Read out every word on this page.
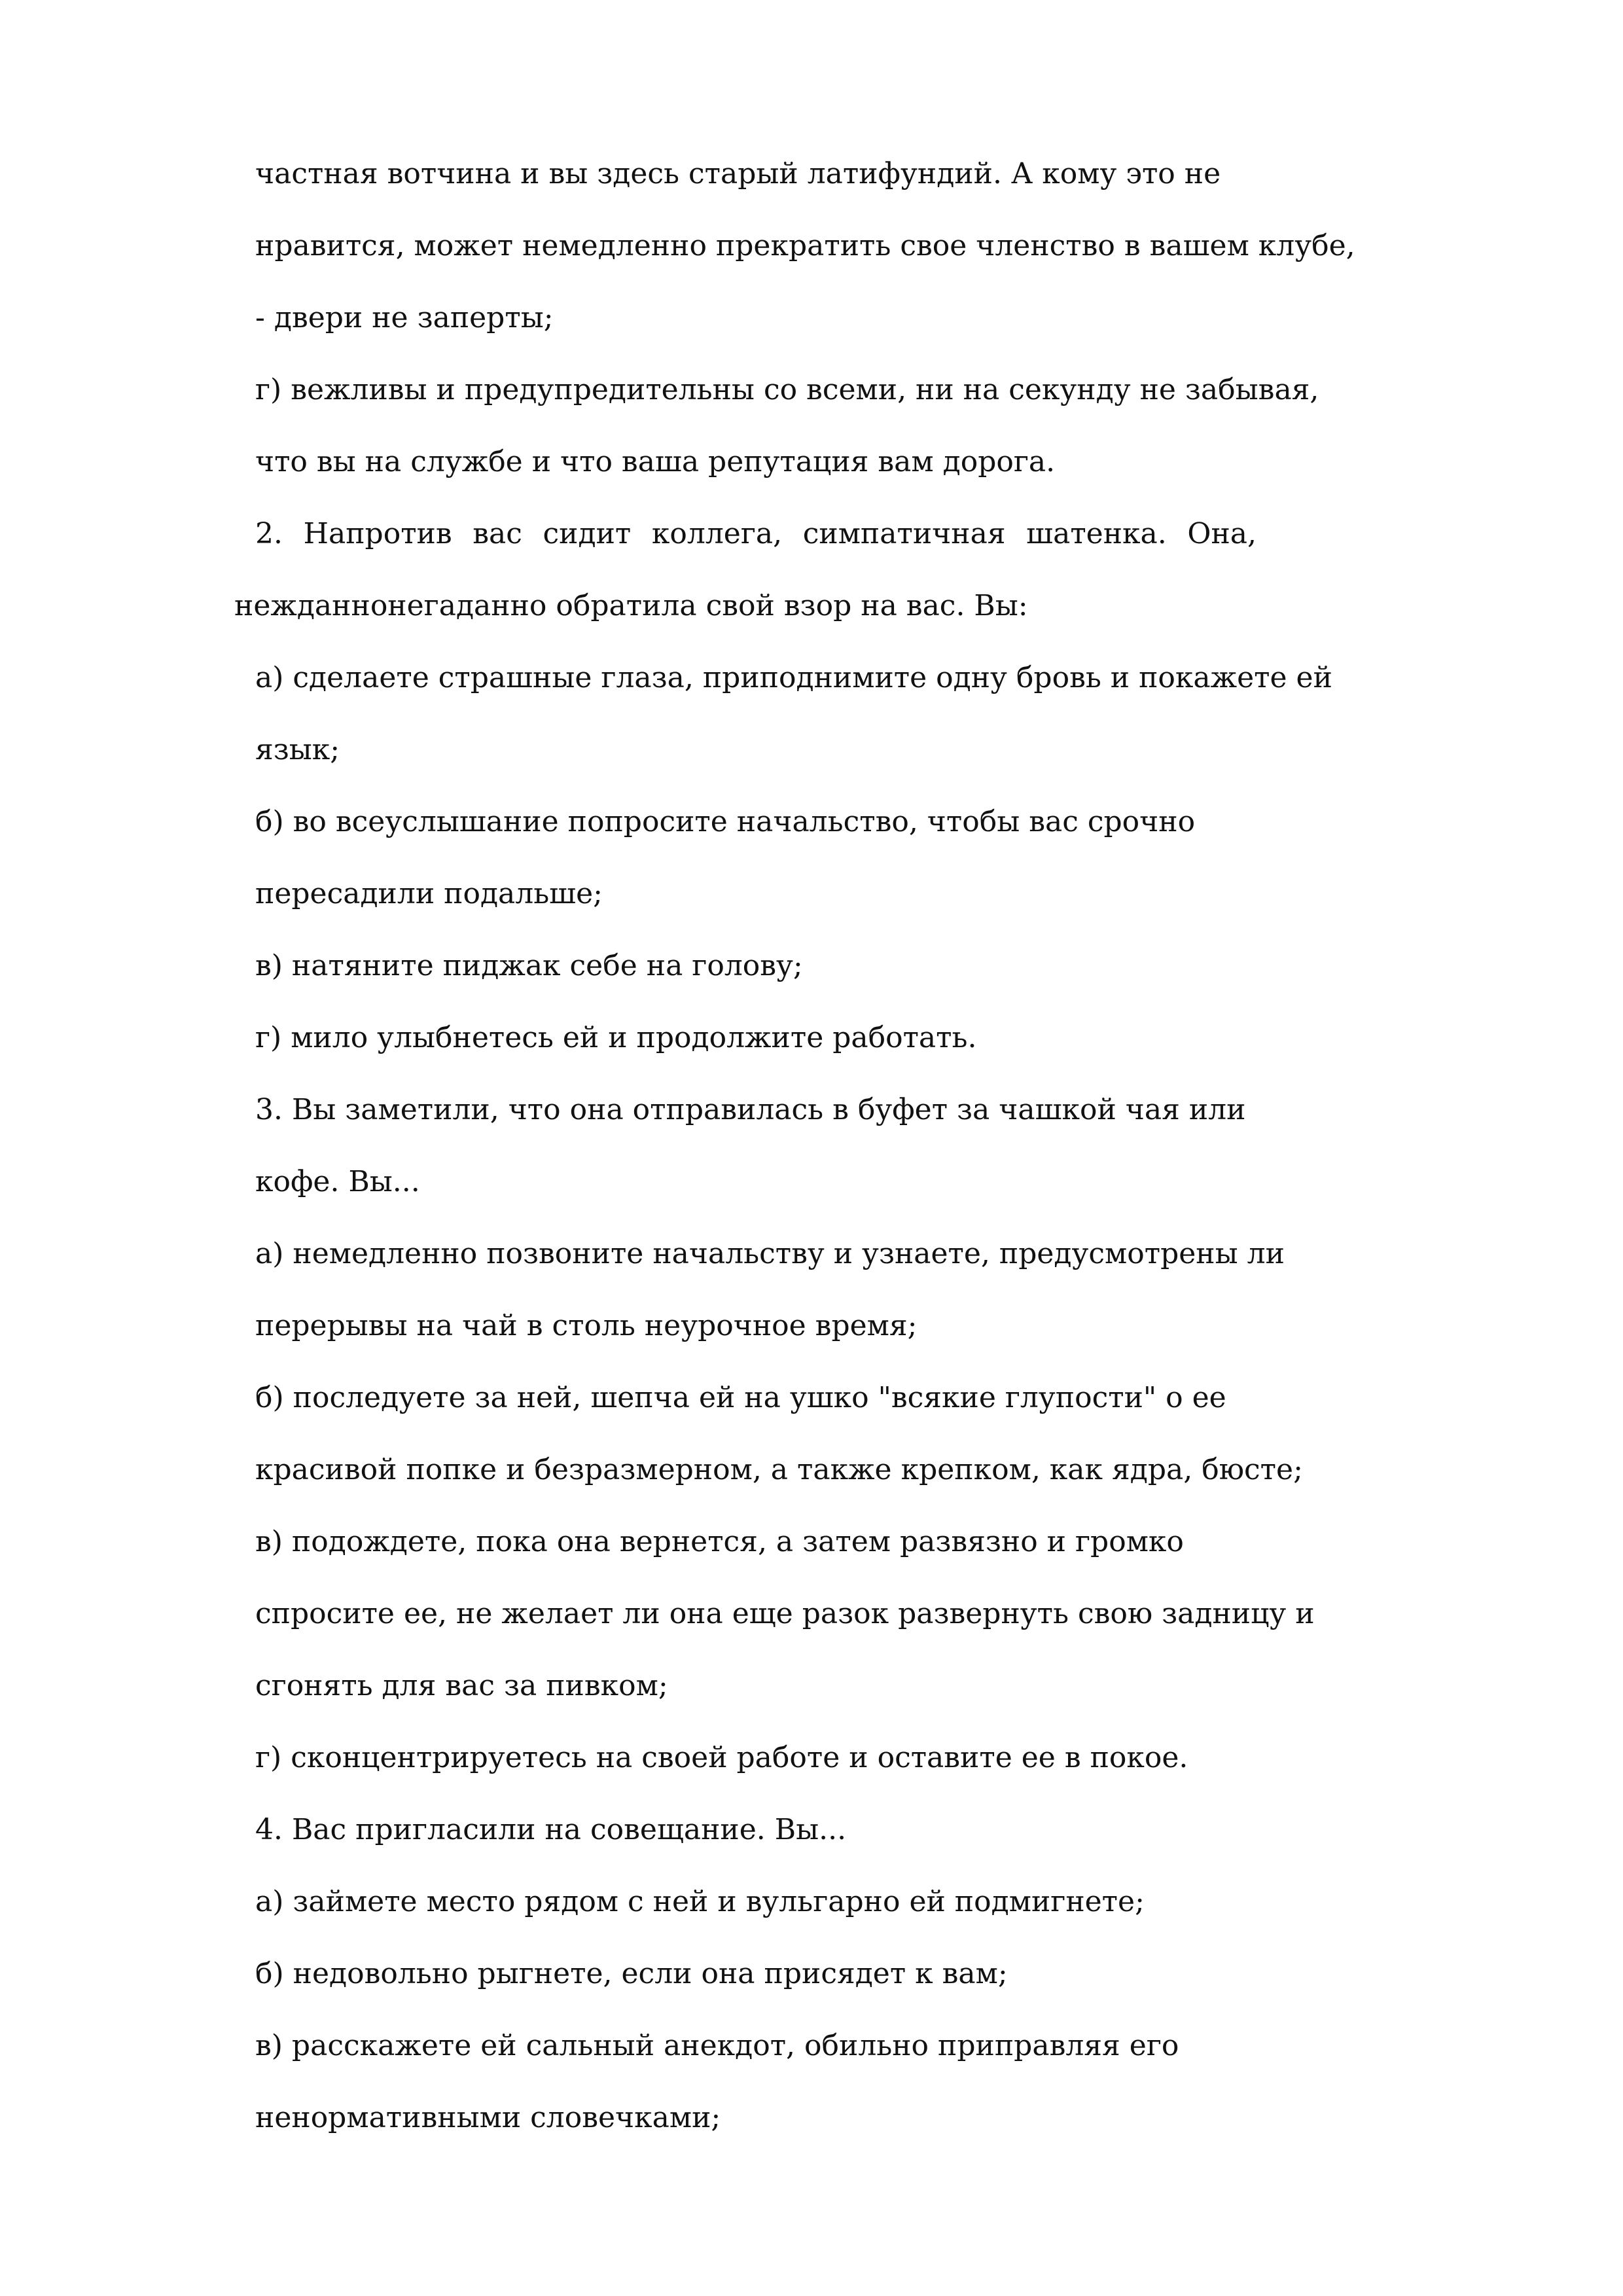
частная вотчина и вы здесь старый латифундий. А кому это не
нравится, может немедленно прекратить свое членство в вашем клубе,
- двери не заперты;
г) вежливы и предупредительны со всеми, ни на секунду не забывая,
что вы на службе и что ваша репутация вам дорога.
2. Напротив вас сидит коллега, симпатичная шатенка. Она,
нежданнонегаданно обратила свой взор на вас. Вы:
а) сделаете страшные глаза, приподнимите одну бровь и покажете ей
язык;
б) во всеуслышание попросите начальство, чтобы вас срочно
пересадили подальше;
в) натяните пиджак себе на голову;
г) мило улыбнетесь ей и продолжите работать.
3. Вы заметили, что она отправилась в буфет за чашкой чая или
кофе. Вы...
а) немедленно позвоните начальству и узнаете, предусмотрены ли
перерывы на чай в столь неурочное время;
б) последуете за ней, шепча ей на ушко "всякие глупости" о ее
красивой попке и безразмерном, а также крепком, как ядра, бюсте;
в) подождете, пока она вернется, а затем развязно и громко
спросите ее, не желает ли она еще разок развернуть свою задницу и
сгонять для вас за пивком;
г) сконцентрируетесь на своей работе и оставите ее в покое.
4. Вас пригласили на совещание. Вы...
а) займете место рядом с ней и вульгарно ей подмигнете;
б) недовольно рыгнете, если она присядет к вам;
в) расскажете ей сальный анекдот, обильно приправляя его
ненормативными словечками;
